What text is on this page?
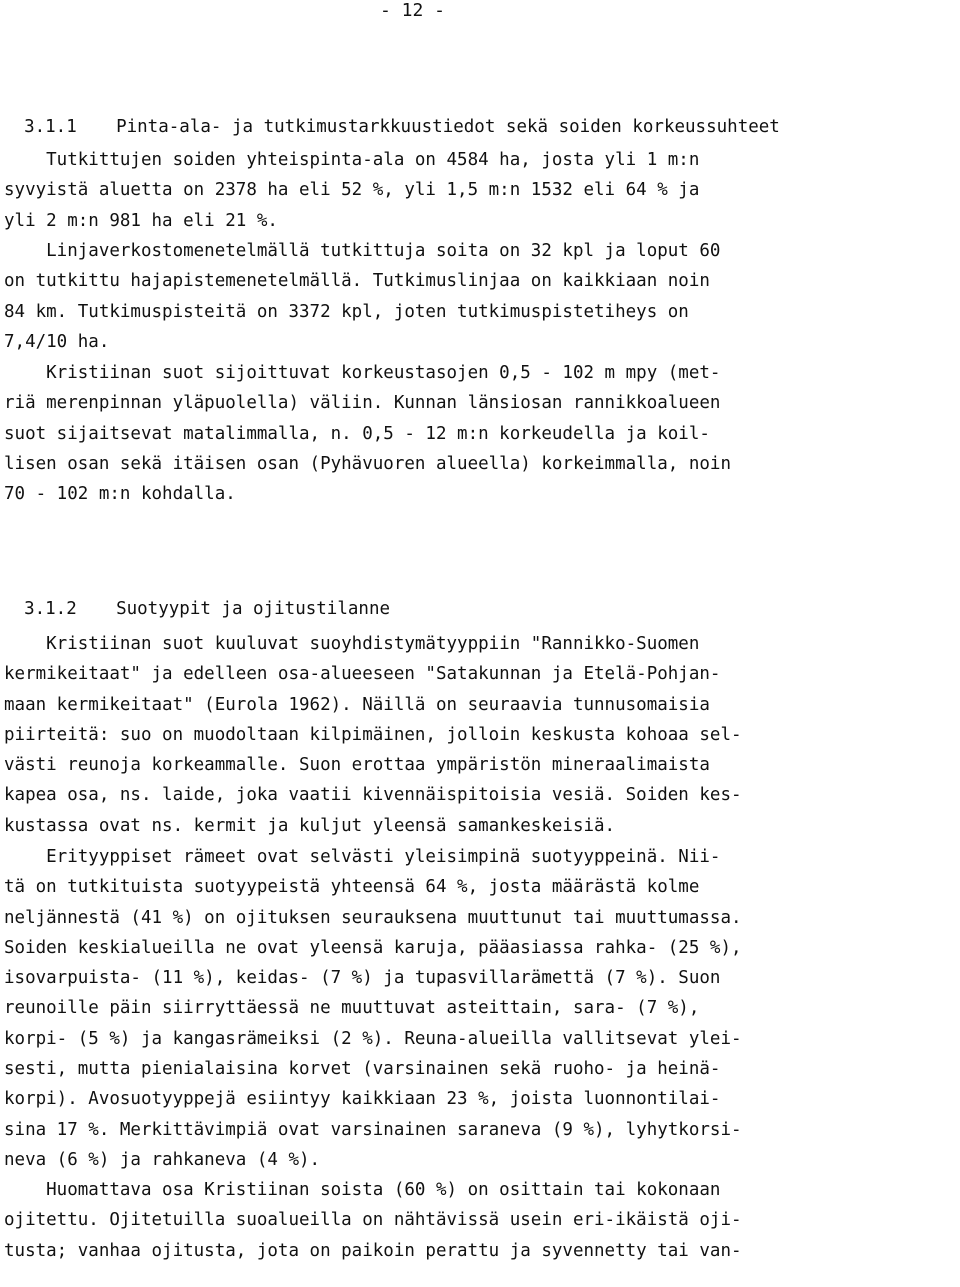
- 12 -

3.1.1 Pinta-ala- ja tutkimustarkkuustiedot sekä soiden korkeussuhteet

Tutkittujen soiden yhteispinta-ala on 4584 ha, josta yli 1 m:n
syvyistä aluetta on 2378 ha eli 52 %, yli 1,5 m:n 1532 eli 64 % ja
yli 2 m:n 981 ha eli 21 %.
Linjaverkostomenetelmällä tutkittuja soita on 32 kpl ja loput 60
on tutkittu hajapistemenetelmällä. Tutkimuslinjaa on kaikkiaan noin
84 km. Tutkimuspisteitä on 3372 kpl, joten tutkimuspistetiheys on
7,4/10 ha.
Kristiinan suot sijoittuvat korkeustasojen 0,5 - 102 m mpy (met-
riä merenpinnan yläpuolella) väliin. Kunnan länsiosan rannikkoalueen
suot sijaitsevat matalimmalla, n. 0,5 - 12 m:n korkeudella ja koil-
lisen osan sekä itäisen osan (Pyhävuoren alueella) korkeimmalla, noin
70 - 102 m:n kohdalla.

3.1.2 Suotyypit ja ojitustilanne

Kristiinan suot kuuluvat suoyhdistymätyyppiin "Rannikko-Suomen
kermikeitaat" ja edelleen osa-alueeseen "Satakunnan ja Etelä-Pohjan-
maan kermikeitaat" (Eurola 1962). Näillä on seuraavia tunnusomaisia
piirteitä: suo on muodoltaan kilpimäinen, jolloin keskusta kohoaa sel-
västi reunoja korkeammalle. Suon erottaa ympäristön mineraalimaista
kapea osa, ns. laide, joka vaatii kivennäispitoisia vesiä. Soiden kes-
kustassa ovat ns. kermit ja kuljut yleensä samankeskeisiä.
Erityyppiset rämeet ovat selvästi yleisimpinä suotyyppeinä. Nii-
tä on tutkituista suotyypeistä yhteensä 64 %, josta määrästä kolme
neljännestä (41 %) on ojituksen seurauksena muuttunut tai muuttumassa.
Soiden keskialueilla ne ovat yleensä karuja, pääasiassa rahka- (25 %),
isovarpuista- (11 %), keidas- (7 %) ja tupasvillarämettä (7 %). Suon
reunoille päin siirryttäessä ne muuttuvat asteittain, sara- (7 %),
korpi- (5 %) ja kangasrämeiksi (2 %). Reuna-alueilla vallitsevat ylei-
sesti, mutta pienialaisina korvet (varsinainen sekä ruoho- ja heinä-
korpi). Avosuotyyppejä esiintyy kaikkiaan 23 %, joista luonnontilai-
sina 17 %. Merkittävimpiä ovat varsinainen saraneva (9 %), lyhytkorsi-
neva (6 %) ja rahkaneva (4 %).
Huomattava osa Kristiinan soista (60 %) on osittain tai kokonaan
ojitettu. Ojitetuilla suoalueilla on nähtävissä usein eri-ikäistä oji-
tusta; vanhaa ojitusta, jota on paikoin perattu ja syvennetty tai van-
